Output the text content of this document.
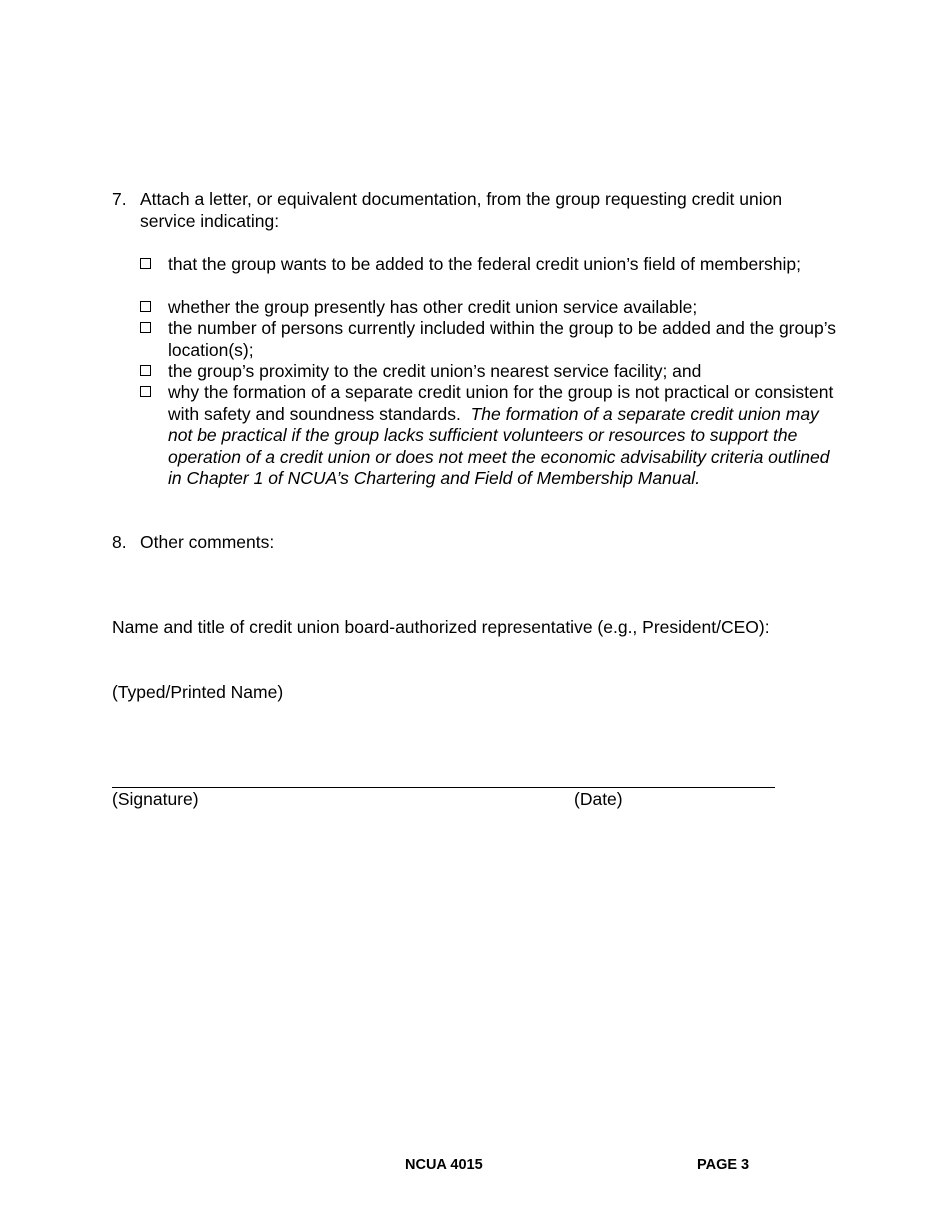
7. Attach a letter, or equivalent documentation, from the group requesting credit union service indicating:
that the group wants to be added to the federal credit union’s field of membership;
whether the group presently has other credit union service available;
the number of persons currently included within the group to be added and the group’s location(s);
the group’s proximity to the credit union’s nearest service facility; and
why the formation of a separate credit union for the group is not practical or consistent with safety and soundness standards. The formation of a separate credit union may not be practical if the group lacks sufficient volunteers or resources to support the operation of a credit union or does not meet the economic advisability criteria outlined in Chapter 1 of NCUA’s Chartering and Field of Membership Manual.
8. Other comments:
Name and title of credit union board-authorized representative (e.g., President/CEO):
(Typed/Printed Name)
(Signature)	(Date)
NCUA 4015	PAGE 3
